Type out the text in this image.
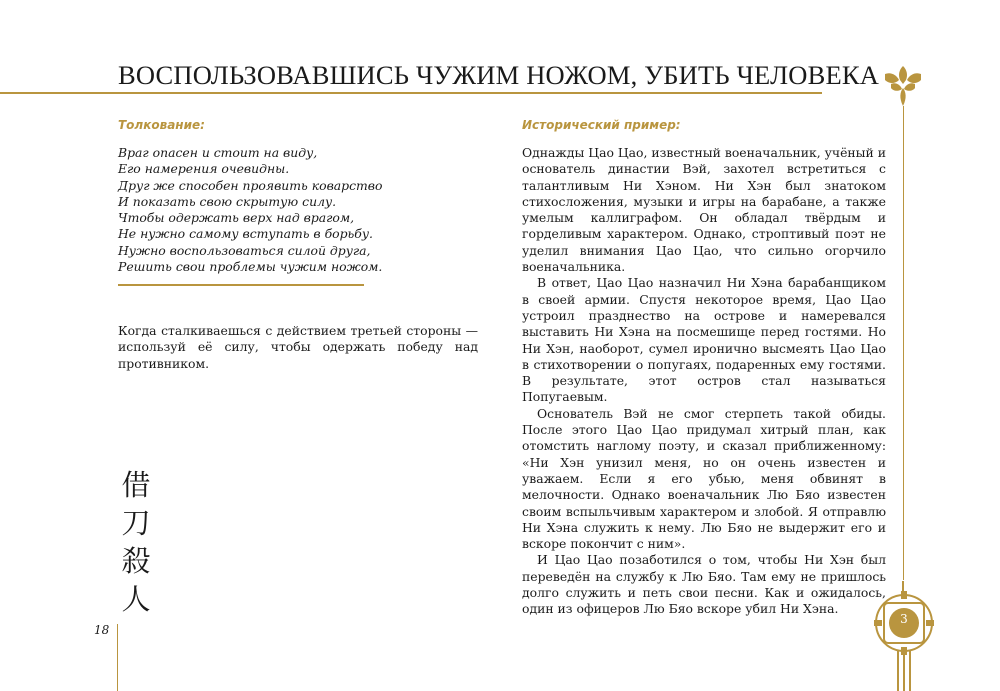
ВОСПОЛЬЗОВАВШИСЬ ЧУЖИМ НОЖОМ, УБИТЬ ЧЕЛОВЕКА
Толкование:
Враг опасен и стоит на виду,
Его намерения очевидны.
Друг же способен проявить коварство
И показать свою скрытую силу.
Чтобы одержать верх над врагом,
Не нужно самому вступать в борьбу.
Нужно воспользоваться силой друга,
Решить свои проблемы чужим ножом.
Когда сталкиваешься с действием третьей стороны — используй её силу, чтобы одержать победу над противником.
Исторический пример:

Однажды Цао Цао, известный военачальник, учёный и основатель династии Вэй, захотел встретиться с талантливым Ни Хэном. Ни Хэн был знатоком стихосложения, музыки и игры на барабане, а также умелым каллиграфом. Он обладал твёрдым и горделивым характером. Однако, строптивый поэт не уделил внимания Цао Цао, что сильно огорчило военачальника.

В ответ, Цао Цао назначил Ни Хэна барабанщиком в своей армии. Спустя некоторое время, Цао Цао устроил празднество на острове и намеревался выставить Ни Хэна на посмешище перед гостями. Но Ни Хэн, наоборот, сумел иронично высмеять Цао Цао в стихотворении о попугаях, подаренных ему гостями. В результате, этот остров стал называться Попугаевым.

Основатель Вэй не смог стерпеть такой обиды. После этого Цао Цао придумал хитрый план, как отомстить наглому поэту, и сказал приближенному: «Ни Хэн унизил меня, но он очень известен и уважаем. Если я его убью, меня обвинят в мелочности. Однако военачальник Лю Бяо известен своим вспыльчивым характером и злобой. Я отправлю Ни Хэна служить к нему. Лю Бяо не выдержит его и вскоре покончит с ним».

И Цао Цао позаботился о том, чтобы Ни Хэн был переведён на службу к Лю Бяо. Там ему не пришлось долго служить и петь свои песни. Как и ожидалось, один из офицеров Лю Бяо вскоре убил Ни Хэна.

借
刀
殺
人
18
3
